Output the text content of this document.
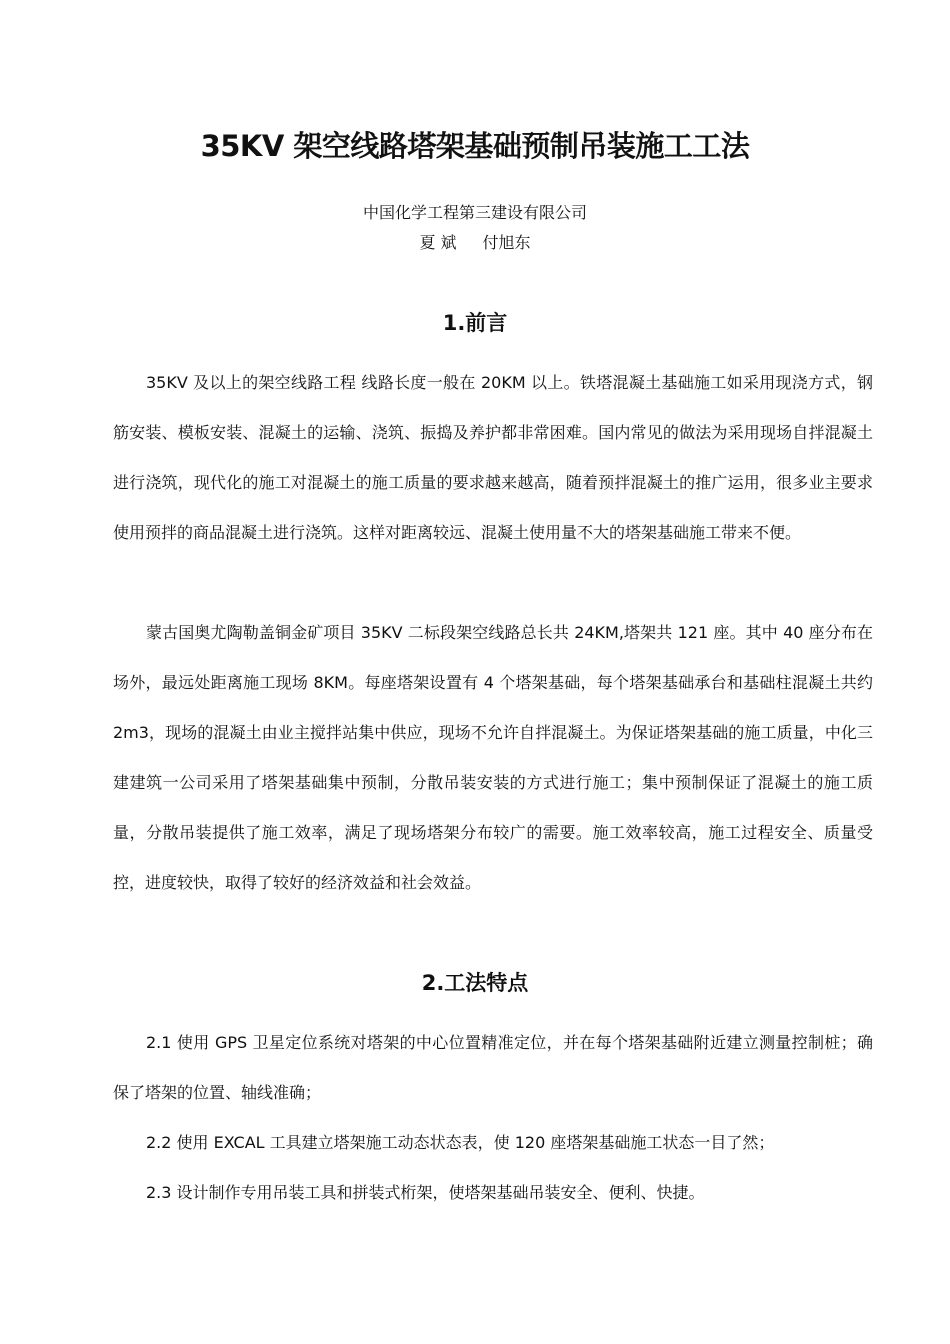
35KV 架空线路塔架基础预制吊装施工工法
中国化学工程第三建设有限公司
夏 斌 付旭东
1.前言

35KV 及以上的架空线路工程 线路长度一般在 20KM 以上。铁塔混凝土基础施工如采用现浇方式，钢筋安装、模板安装、混凝土的运输、浇筑、振捣及养护都非常困难。国内常见的做法为采用现场自拌混凝土进行浇筑，现代化的施工对混凝土的施工质量的要求越来越高，随着预拌混凝土的推广运用，很多业主要求使用预拌的商品混凝土进行浇筑。这样对距离较远、混凝土使用量不大的塔架基础施工带来不便。

蒙古国奥尤陶勒盖铜金矿项目 35KV 二标段架空线路总长共 24KM,塔架共 121 座。其中 40 座分布在场外，最远处距离施工现场 8KM。每座塔架设置有 4 个塔架基础，每个塔架基础承台和基础柱混凝土共约 2m3，现场的混凝土由业主搅拌站集中供应，现场不允许自拌混凝土。为保证塔架基础的施工质量，中化三建建筑一公司采用了塔架基础集中预制，分散吊装安装的方式进行施工；集中预制保证了混凝土的施工质量，分散吊装提供了施工效率，满足了现场塔架分布较广的需要。施工效率较高，施工过程安全、质量受控，进度较快，取得了较好的经济效益和社会效益。

2.工法特点

2.1 使用 GPS 卫星定位系统对塔架的中心位置精准定位，并在每个塔架基础附近建立测量控制桩；确保了塔架的位置、轴线准确；

2.2 使用 EXCAL 工具建立塔架施工动态状态表，使 120 座塔架基础施工状态一目了然；

2.3 设计制作专用吊装工具和拼装式桁架，使塔架基础吊装安全、便利、快捷。
